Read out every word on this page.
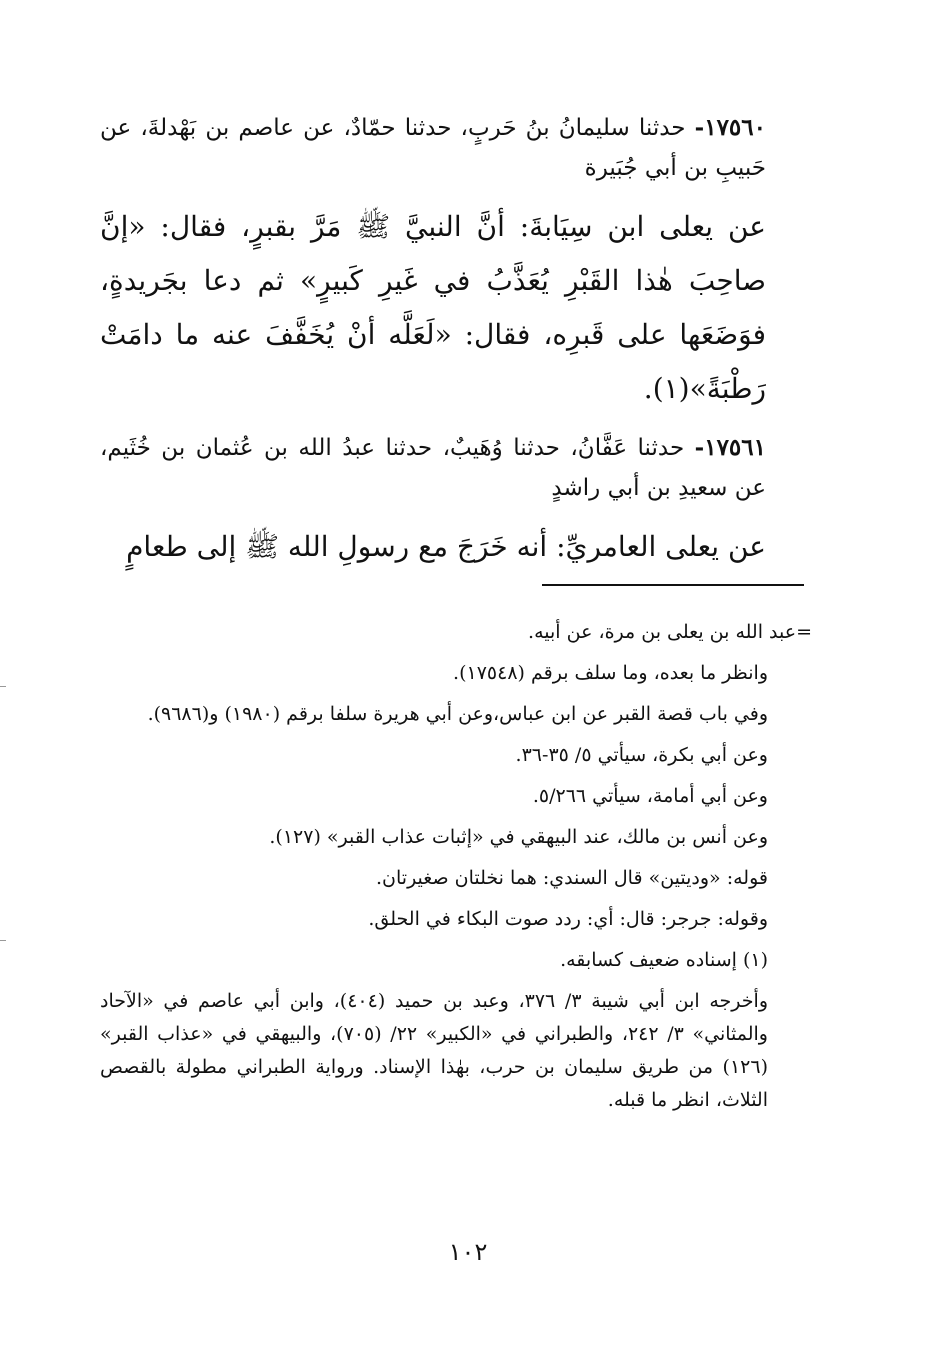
١٧٥٦٠- حدثنا سليمانُ بنُ حَربٍ، حدثنا حمّادٌ، عن عاصم بن بَهْدلةَ، عن حَبيبِ بن أبي جُبَيرة

عن يعلى ابن سِيَابةَ: أنَّ النبيَّ ﷺ مَرَّ بقبرٍ، فقال: «إنَّ صاحِبَ هٰذا القَبْرِ يُعَذَّبُ في غَيرِ كَبيرٍ» ثم دعا بجَريدةٍ، فوَضَعَها على قَبرِه، فقال: «لَعَلَّه أنْ يُخَفَّفَ عنه ما دامَتْ رَطْبَةً»(١).

١٧٥٦١- حدثنا عَفَّانُ، حدثنا وُهَيبٌ، حدثنا عبدُ الله بن عُثمان بن خُثَيم، عن سعيدِ بن أبي راشدٍ

عن يعلى العامريِّ: أنه خَرَجَ مع رسولِ الله ﷺ إلى طعامٍ

=عبد الله بن يعلى بن مرة، عن أبيه.

وانظر ما بعده، وما سلف برقم (١٧٥٤٨).

وفي باب قصة القبر عن ابن عباس،وعن أبي هريرة سلفا برقم (١٩٨٠) و(٩٦٨٦).

وعن أبي بكرة، سيأتي ٥/ ٣٥-٣٦.

وعن أبي أمامة، سيأتي ٥/٢٦٦.

وعن أنس بن مالك، عند البيهقي في «إثبات عذاب القبر» (١٢٧).

قوله: «وديتين» قال السندي: هما نخلتان صغيرتان.

وقوله: جرجر: قال: أي: ردد صوت البكاء في الحلق.

(١) إسناده ضعيف كسابقه.

وأخرجه ابن أبي شيبة ٣/ ٣٧٦، وعبد بن حميد (٤٠٤)، وابن أبي عاصم في «الآحاد والمثاني» ٣/ ٢٤٢، والطبراني في «الكبير» ٢٢/ (٧٠٥)، والبيهقي في «عذاب القبر» (١٢٦) من طريق سليمان بن حرب، بهٰذا الإسناد. ورواية الطبراني مطولة بالقصص الثلاث، انظر ما قبله.

١٠٢
